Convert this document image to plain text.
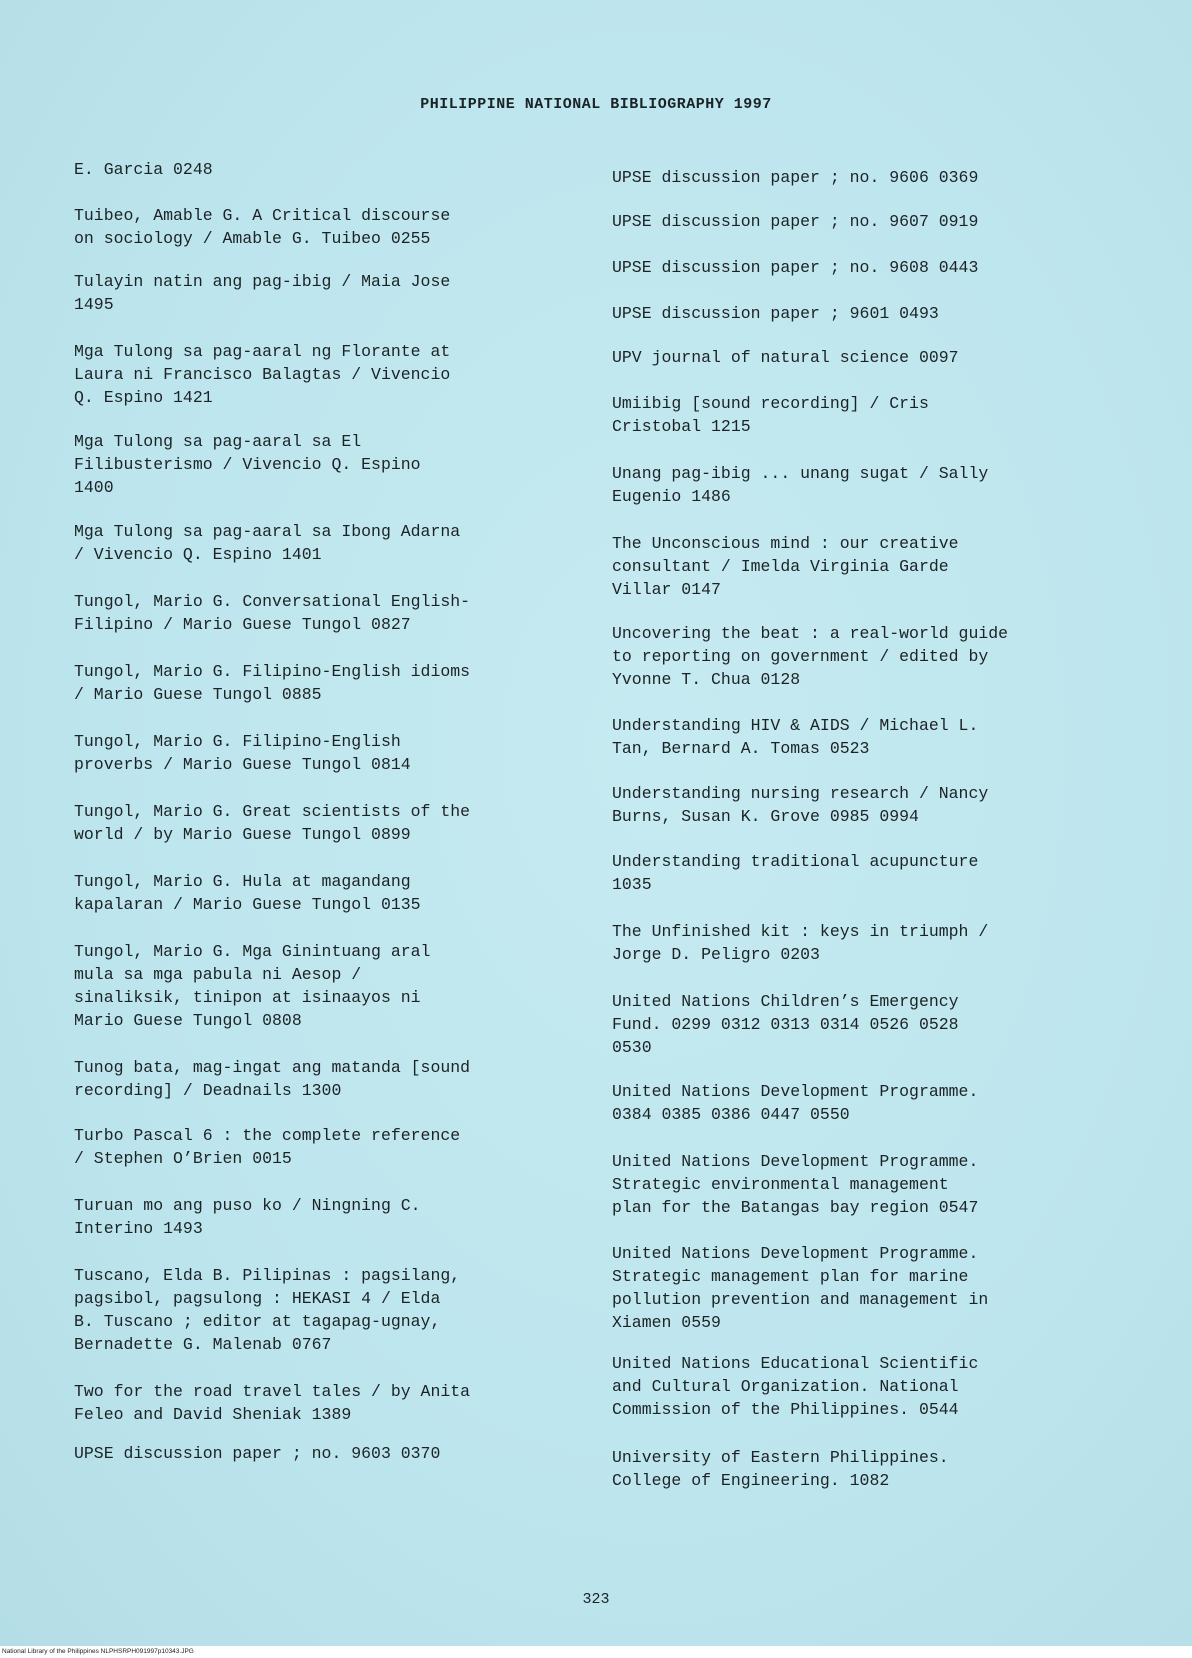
PHILIPPINE NATIONAL BIBLIOGRAPHY 1997
E. Garcia 0248
Tuibeo, Amable G. A Critical discourse
on sociology / Amable G. Tuibeo 0255
Tulayin natin ang pag-ibig / Maia Jose
1495
Mga Tulong sa pag-aaral ng Florante at
Laura ni Francisco Balagtas / Vivencio
Q. Espino 1421
Mga Tulong sa pag-aaral sa El
Filibusterismo / Vivencio Q. Espino
1400
Mga Tulong sa pag-aaral sa Ibong Adarna
/ Vivencio Q. Espino 1401
Tungol, Mario G. Conversational English-
Filipino / Mario Guese Tungol 0827
Tungol, Mario G. Filipino-English idioms
/ Mario Guese Tungol 0885
Tungol, Mario G. Filipino-English
proverbs / Mario Guese Tungol 0814
Tungol, Mario G. Great scientists of the
world / by Mario Guese Tungol 0899
Tungol, Mario G. Hula at magandang
kapalaran / Mario Guese Tungol 0135
Tungol, Mario G. Mga Ginintuang aral
mula sa mga pabula ni Aesop /
sinaliksik, tinipon at isinaayos ni
Mario Guese Tungol 0808
Tunog bata, mag-ingat ang matanda [sound
recording] / Deadnails 1300
Turbo Pascal 6 : the complete reference
/ Stephen O’Brien 0015
Turuan mo ang puso ko / Ningning C.
Interino 1493
Tuscano, Elda B. Pilipinas : pagsilang,
pagsibol, pagsulong : HEKASI 4 / Elda
B. Tuscano ; editor at tagapag-ugnay,
Bernadette G. Malenab 0767
Two for the road travel tales / by Anita
Feleo and David Sheniak 1389
UPSE discussion paper ; no. 9603 0370
UPSE discussion paper ; no. 9606 0369
UPSE discussion paper ; no. 9607 0919
UPSE discussion paper ; no. 9608 0443
UPSE discussion paper ; 9601 0493
UPV journal of natural science 0097
Umiibig [sound recording] / Cris
Cristobal 1215
Unang pag-ibig ... unang sugat / Sally
Eugenio 1486
The Unconscious mind : our creative
consultant / Imelda Virginia Garde
Villar 0147
Uncovering the beat : a real-world guide
to reporting on government / edited by
Yvonne T. Chua 0128
Understanding HIV & AIDS / Michael L.
Tan, Bernard A. Tomas 0523
Understanding nursing research / Nancy
Burns, Susan K. Grove 0985 0994
Understanding traditional acupuncture
1035
The Unfinished kit : keys in triumph /
Jorge D. Peligro 0203
United Nations Children’s Emergency
Fund. 0299 0312 0313 0314 0526 0528
0530
United Nations Development Programme.
0384 0385 0386 0447 0550
United Nations Development Programme.
Strategic environmental management
plan for the Batangas bay region 0547
United Nations Development Programme.
Strategic management plan for marine
pollution prevention and management in
Xiamen 0559
United Nations Educational Scientific
and Cultural Organization. National
Commission of the Philippines. 0544
University of Eastern Philippines.
College of Engineering. 1082
323
National Library of the Philippines NLPHSRPH091997p10343.JPG
